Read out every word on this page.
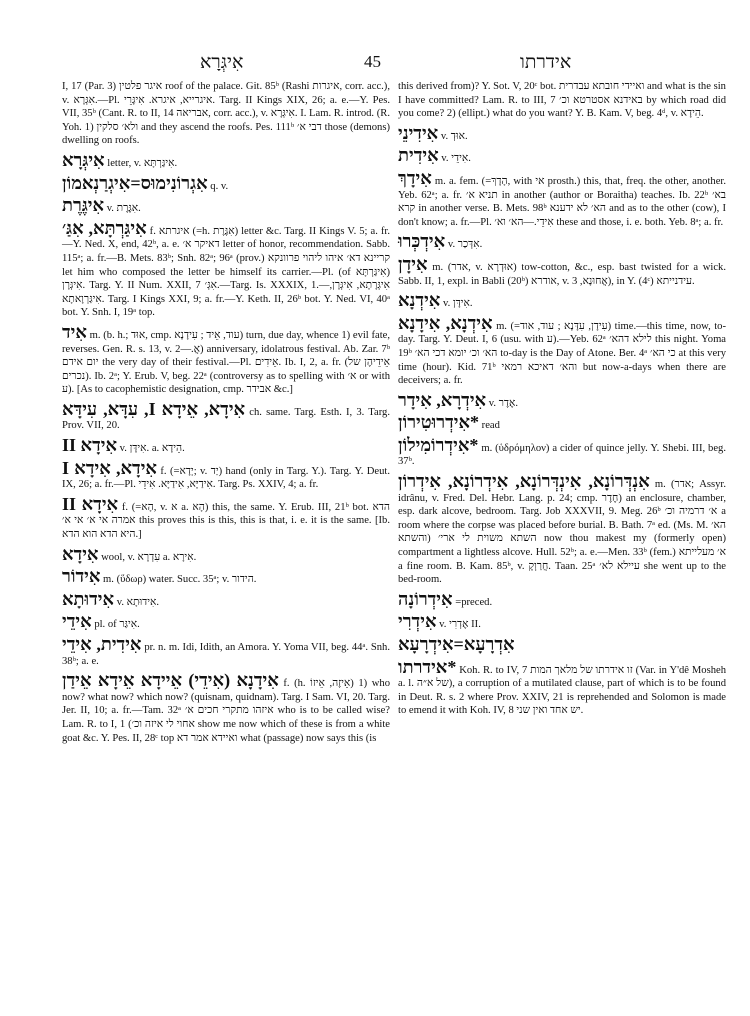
אִיגְּרָא	45	אידרתו

I, 17 (Par. 3) איגר פלטין roof of the palace. Git. 85ᵇ (Rashi איגרות, corr. acc.), v. אִגְּרָא.—Pl. איגרייא, איגרא. אִיגָּרֵי. Targ. II Kings XIX, 26; a. e.—Y. Pes. VII, 35ᵇ (Cant. R. to II, 14 אבריאה, corr. acc.), v. אִיגְּרָא. I. Lam. R. introd. (R. Yoh. 1) ולא׳ סלקין and they ascend the roofs. Pes. 111ᵇ דבי א׳ those (demons) dwelling on roofs.

אִיגְּרָא letter, v. אִיגַּרְתָּא.

אִגְרוֹנִימוּס=אִיגְרַנְאמוֹן q. v.

אִיגֶּרֶת v. אִגֶּרֶת.

אִיגַּרְתָּא, אִגַּ׳ f. איגרתא (=h. אִגֶּרֶת) letter &c. Targ. II Kings V. 5; a. fr.—Y. Ned. X, end, 42ᵇ, a. e. דאיקר א׳ letter of honor, recommendation. Sabb. 115ᵃ; a. fr.—B. Mets. 83ᵇ; Snh. 82ᵃ; 96ᵃ (prov.) קריינא דא׳ איהו ליהוי פרוונקא let him who composed the letter be himself its carrier.—Pl. (of אִיגַּרְתָּא) אִיגְּרָן. Targ. Y. II Num. XXII, 7 אִגְּ׳.—Targ. Is. XXXIX, 1.—אִיגְּרָתָא, אִיגְּרָן, אִיגַּרְוָאתָא. Targ. I Kings XXI, 9; a. fr.—Y. Keth. II, 26ᵇ bot. Y. Ned. VI, 40ᵃ bot. Y. Snh. I, 19ᵃ top.

אִיד m. (b. h.; אוּד, cmp. עוד, אֵיד ; עִידָנָא) turn, due day, whence 1) evil fate, reverses. Gen. R. s. 13, v. אֲ.—2) anniversary, idolatrous festival. Ab. Zar. 7ᵇ יום אידם the very day of their festival.—Pl. אֵידִים. Ib. I, 2, a. fr. (אֵידֵיהֶן של נכרים). Ib. 2ᵃ; Y. Erub. V, beg. 22ᵃ (controversy as to spelling with א׳ or with ע). [As to cacophemistic designation, cmp. אבידר &c.]

אִידָא, אֵידָא I, עִדָּא, עִידָּא ch. same. Targ. Esth. I, 3. Targ. Prov. VII, 20.

אִידָא II v. אִידָּן. a. הֵידָא.

אִידָא, אִידָא I f. (=יְדָא; v. יַד) hand (only in Targ. Y.). Targ. Y. Deut. IX, 26; a. fr.—Pl. אִידַיָּא, אִידַיָּא. אִידֵי. Targ. Ps. XXIV, 4; a. fr.

אִידָא II f. (=הָא, v. א a. הָא) this, the same. Y. Erub. III, 21ᵇ bot. הדא אמרה אי א׳ אי א׳ this proves this is this, this is that, i. e. it is the same. [Ib. היא הדא הוא הדא.]

אִידָא wool, v. עִדְרָא a. אִירָא.

אִידוֹר m. (ὕδωρ) water. Succ. 35ᵃ; v. הידור.

אִידוּתָא v. אִידוּתָא.

אִידֵי pl. of אִיגַּר.

אִידִית, אִידֵי pr. n. m. Idi, Idith, an Amora. Y. Yoma VII, beg. 44ᵃ. Snh. 38ᵇ; a. e.

אִידָנָא (אִידֵי) אֵיידָא אֵידָא אֵידַן f. (h. אֵיזֶה, אֵיזוֹ) 1) who now? what now? which now? (quisnam, quidnam). Targ. I Sam. VI, 20. Targ. Jer. II, 10; a. fr.—Tam. 32ᵃ איזהו מתקרי חכים א׳ who is to be called wise? Lam. R. to I, 1 (אחוי לי איזה וכ׳ show me now which of these is from a white goat &c. Y. Pes. II, 28ᶜ top ואיידא אמר דא what (passage) now says this (is

this derived from)? Y. Sot. V, 20ᶜ bot. ואיידי חובתא עבדרית and what is the sin I have committed? Lam. R. to III, 7 באידנא אסטרטא וכ׳ by which road did you come? 2) (ellipt.) what do you want? Y. B. Kam. V, beg. 4ᵈ, v. הֵידָא.

אִידִינֵי v. אוּדְ.

אִידִית v. אִידֵי.

אִידָךְ m. a. fem. (=הָדָךְ, with אי prosth.) this, that, freq. the other, another. Yeb. 62ᵃ; a. fr. תניא א׳ in another (author or Boraitha) teaches. Ib. 22ᵇ בא׳ קרא in another verse. B. Mets. 98ᵇ הא׳ לא ידענא and as to the other (cow), I don't know; a. fr.—Pl. אִידֵי.—הא׳ וא׳ these and those, i. e. both. Yeb. 8ᵃ; a. fr.

אִידְכְּרוּ v. אִדְּכַר.

אִידָן m. (אדר, v. אוּדְרָא) tow-cotton, &c., esp. bast twisted for a wick. Sabb. II, 1, expl. in Babli (20ᵇ) אודרא, v. אֲחוּנָא, 3), in Y. (4ᶜ) עידנייתא.

אִידְנָא v. אִידָּן.

אִידְנָא, אִידָנָא m. (=עִידָן, עִדָּנָא ; עוד, אוד) time.—this time, now, to-day. Targ. Y. Deut. I, 6 (usu. with ע).—Yeb. 62ᵃ לילא דהא׳ this night. Yoma 19ᵇ הא׳ וכ׳ יומא דכי הא׳ to-day is the Day of Atone. Ber. 4ᵃ כי הא׳ at this very time (hour). Kid. 71ᵇ והא׳ דאיכא רמאי but now-a-days when there are deceivers; a. fr.

אִידְרָא, אִידָר v. אֶדֶר.

*אִידְרוּטִירוֹן read

*אִידְרוֹמִילוֹן m. (ὑδρόμηλον) a cider of quince jelly. Y. Shebi. III, beg. 37ᵇ.

אִנְדְּרוֹנָא, אִינְדְּרוֹנָא, אִידְרוֹנָא, אִידְרוֹן m. (אדר; Assyr. idrânu, v. Fred. Del. Hebr. Lang. p. 24; cmp. חֶדֶר) an enclosure, chamber, esp. dark alcove, bedroom. Targ. Job XXXVII, 9. Meg. 26ᵇ א׳ דרמיה וכ׳ a room where the corpse was placed before burial. B. Bath. 7ᵃ ed. (Ms. M. הא׳ השתא משוית לי ארי׳ (והשתא now thou makest my (formerly open) compartment a lightless alcove. Hull. 52ᵇ; a. e.—Men. 33ᵇ (fem.) א׳ מעלייתא a fine room. B. Kam. 85ᵇ, v. חֲרַוְקָ. Taan. 25ᵃ עיילא לא׳ she went up to the bed-room.

אִידְרוֹנָה =preced.

אִידְרִי v. אֶדְרִי II.

אִדְרָעָא=אִידְרָעָא

*אידרתו Koh. R. to IV, 7 זו אידרתו של מלאך המות (Var. in Y'dê Mosheh a. l. של א״ה), a corruption of a mutilated clause, part of which is to be found in Deut. R. s. 2 where Prov. XXIV, 21 is reprehended and Solomon is made to emend it with Koh. IV, 8 יש אחד ואין שני.
